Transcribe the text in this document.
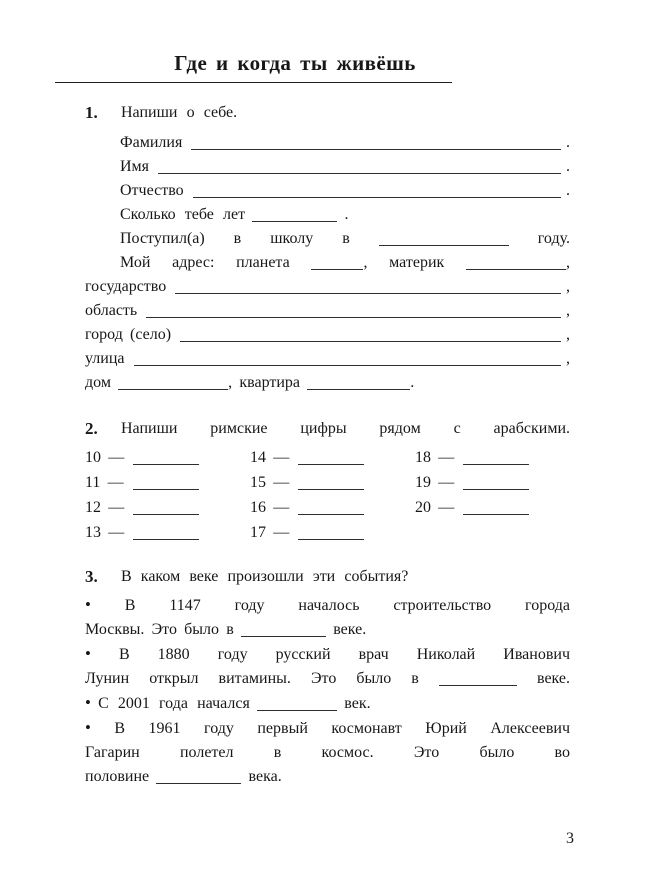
Где и когда ты живёшь
1.	Напиши о себе.
Фамилия	.
Имя	.
Отчество	.
Сколько тебе лет	.
Поступил(а) в школу в	году.
Мой адрес: планета	, материк	,
государство	,
область	,
город (село)	,
улица	,
дом	, квартира	.
2.	Напиши римские цифры рядом с арабскими.
10 —
11 —
12 —
13 —
14 —
15 —
16 —
17 —
18 —
19 —
20 —
3.	В каком веке произошли эти события?
• В 1147 году началось строительство города
Москвы. Это было в	веке.
• В 1880 году русский врач Николай Иванович
Лунин открыл витамины. Это было в	веке.
• С 2001 года начался	век.
• В 1961 году первый космонавт Юрий Алексеевич
Гагарин полетел в космос. Это было во
половине	века.
3
